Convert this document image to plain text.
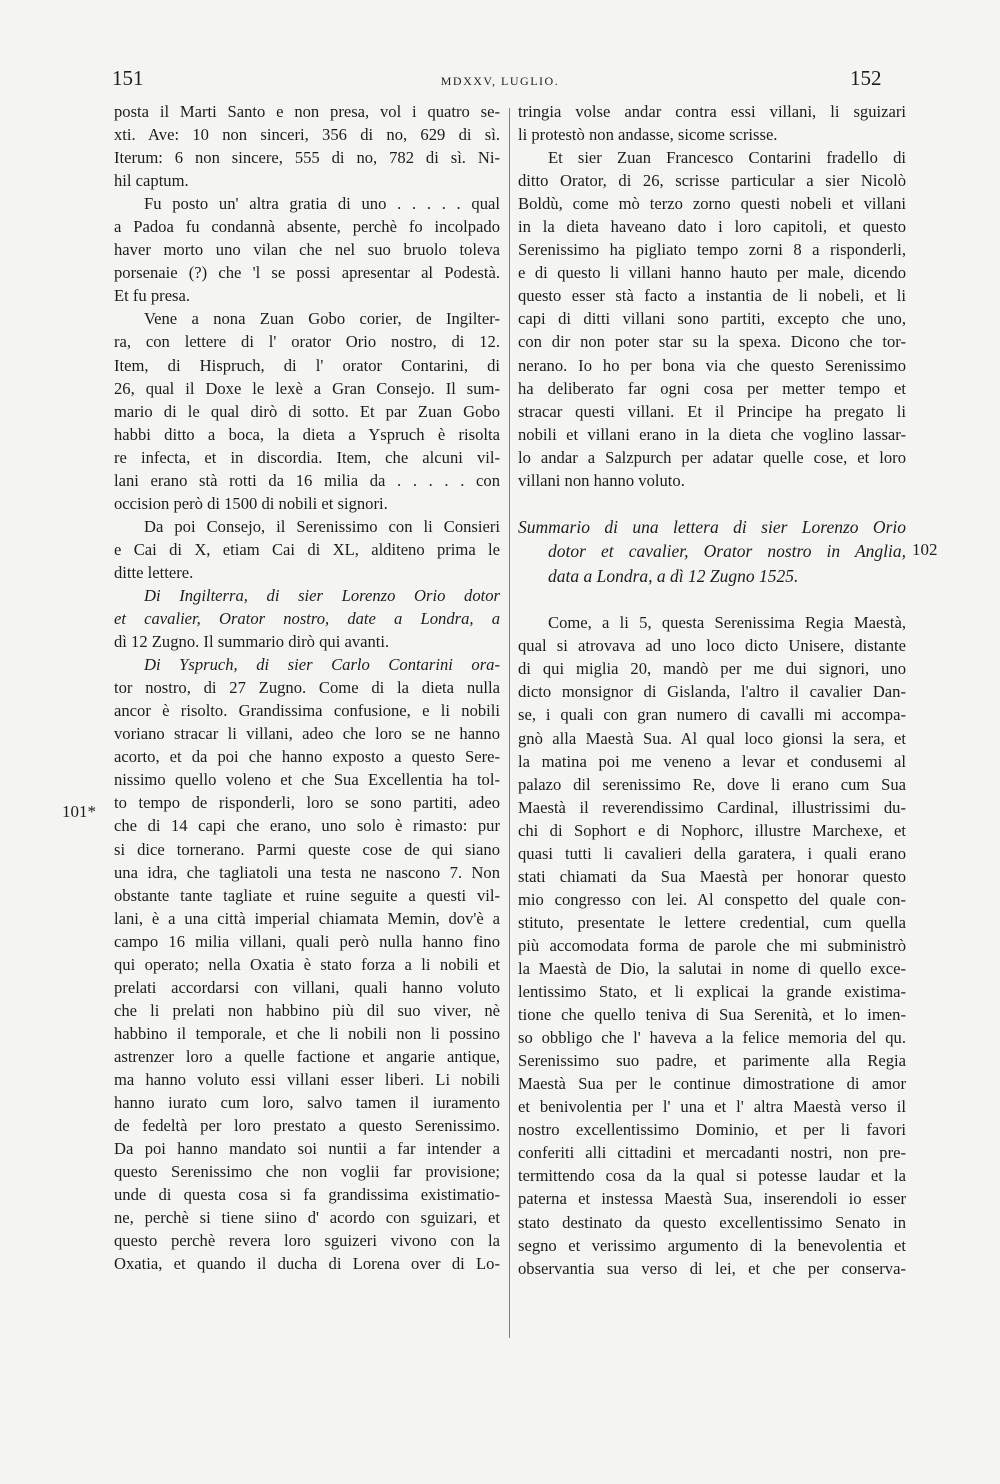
151	MDXXV, LUGLIO.	152
101*
102

posta il Marti Santo e non presa, vol i quatro se-
xti. Ave: 10 non sinceri, 356 di no, 629 di sì.
Iterum: 6 non sincere, 555 di no, 782 di sì. Ni-
hil captum.

Fu posto un' altra gratia di uno . . . . . qual
a Padoa fu condannà absente, perchè fo incolpado
haver morto uno vilan che nel suo bruolo toleva
porsenaie (?) che 'l se possi apresentar al Podestà.
Et fu presa.

Vene a nona Zuan Gobo corier, de Ingilter-
ra, con lettere di l' orator Orio nostro, di 12.
Item, di Hispruch, di l' orator Contarini, di
26, qual il Doxe le lexè a Gran Consejo. Il sum-
mario di le qual dirò di sotto. Et par Zuan Gobo
habbi ditto a boca, la dieta a Yspruch è risolta
re infecta, et in discordia. Item, che alcuni vil-
lani erano stà rotti da 16 milia da . . . . . con
occision però di 1500 di nobili et signori.

Da poi Consejo, il Serenissimo con li Consieri
e Cai di X, etiam Cai di XL, alditeno prima le
ditte lettere.

Di Ingilterra, di sier Lorenzo Orio dotor
et cavalier, Orator nostro, date a Londra, a
dì 12 Zugno. Il summario dirò qui avanti.

Di Yspruch, di sier Carlo Contarini ora-
tor nostro, di 27 Zugno. Come di la dieta nulla
ancor è risolto. Grandissima confusione, e li nobili
voriano stracar li villani, adeo che loro se ne hanno
acorto, et da poi che hanno exposto a questo Sere-
nissimo quello voleno et che Sua Excellentia ha tol-
to tempo de risponderli, loro se sono partiti, adeo
che di 14 capi che erano, uno solo è rimasto: pur
si dice tornerano. Parmi queste cose de qui siano
una idra, che tagliatoli una testa ne nascono 7. Non
obstante tante tagliate et ruine seguite a questi vil-
lani, è a una città imperial chiamata Memin, dov'è a
campo 16 milia villani, quali però nulla hanno fino
qui operato; nella Oxatia è stato forza a li nobili et
prelati accordarsi con villani, quali hanno voluto
che li prelati non habbino più dil suo viver, nè
habbino il temporale, et che li nobili non li possino
astrenzer loro a quelle factione et angarie antique,
ma hanno voluto essi villani esser liberi. Li nobili
hanno iurato cum loro, salvo tamen il iuramento
de fedeltà per loro prestato a questo Serenissimo.
Da poi hanno mandato soi nuntii a far intender a
questo Serenissimo che non voglii far provisione;
unde di questa cosa si fa grandissima existimatio-
ne, perchè si tiene siino d' acordo con sguizari, et
questo perchè revera loro sguizeri vivono con la
Oxatia, et quando il ducha di Lorena over di Lo-

tringia volse andar contra essi villani, li sguizari
li protestò non andasse, sicome scrisse.

Et sier Zuan Francesco Contarini fradello di
ditto Orator, di 26, scrisse particular a sier Nicolò
Boldù, come mò terzo zorno questi nobeli et villani
in la dieta haveano dato i loro capitoli, et questo
Serenissimo ha pigliato tempo zorni 8 a risponderli,
e di questo li villani hanno hauto per male, dicendo
questo esser stà facto a instantia de li nobeli, et li
capi di ditti villani sono partiti, excepto che uno,
con dir non poter star su la spexa. Dicono che tor-
nerano. Io ho per bona via che questo Serenissimo
ha deliberato far ogni cosa per metter tempo et
stracar questi villani. Et il Principe ha pregato li
nobili et villani erano in la dieta che voglino lassar-
lo andar a Salzpurch per adatar quelle cose, et loro
villani non hanno voluto.

Summario di una lettera di sier Lorenzo Orio
dotor et cavalier, Orator nostro in Anglia,
data a Londra, a dì 12 Zugno 1525.

Come, a li 5, questa Serenissima Regia Maestà,
qual si atrovava ad uno loco dicto Unisere, distante
di qui miglia 20, mandò per me dui signori, uno
dicto monsignor di Gislanda, l'altro il cavalier Dan-
se, i quali con gran numero di cavalli mi accompa-
gnò alla Maestà Sua. Al qual loco gionsi la sera, et
la matina poi me veneno a levar et condusemi al
palazo dil serenissimo Re, dove li erano cum Sua
Maestà il reverendissimo Cardinal, illustrissimi du-
chi di Sophort e di Nophorc, illustre Marchexe, et
quasi tutti li cavalieri della garatera, i quali erano
stati chiamati da Sua Maestà per honorar questo
mio congresso con lei. Al conspetto del quale con-
stituto, presentate le lettere credential, cum quella
più accomodata forma de parole che mi subministrò
la Maestà de Dio, la salutai in nome di quello exce-
lentissimo Stato, et li explicai la grande existima-
tione che quello teniva di Sua Serenità, et lo imen-
so obbligo che l' haveva a la felice memoria del qu.
Serenissimo suo padre, et parimente alla Regia
Maestà Sua per le continue dimostratione di amor
et benivolentia per l' una et l' altra Maestà verso il
nostro excellentissimo Dominio, et per li favori
conferiti alli cittadini et mercadanti nostri, non pre-
termittendo cosa da la qual si potesse laudar et la
paterna et instessa Maestà Sua, inserendoli io esser
stato destinato da questo excellentissimo Senato in
segno et verissimo argumento di la benevolentia et
observantia sua verso di lei, et che per conserva-
